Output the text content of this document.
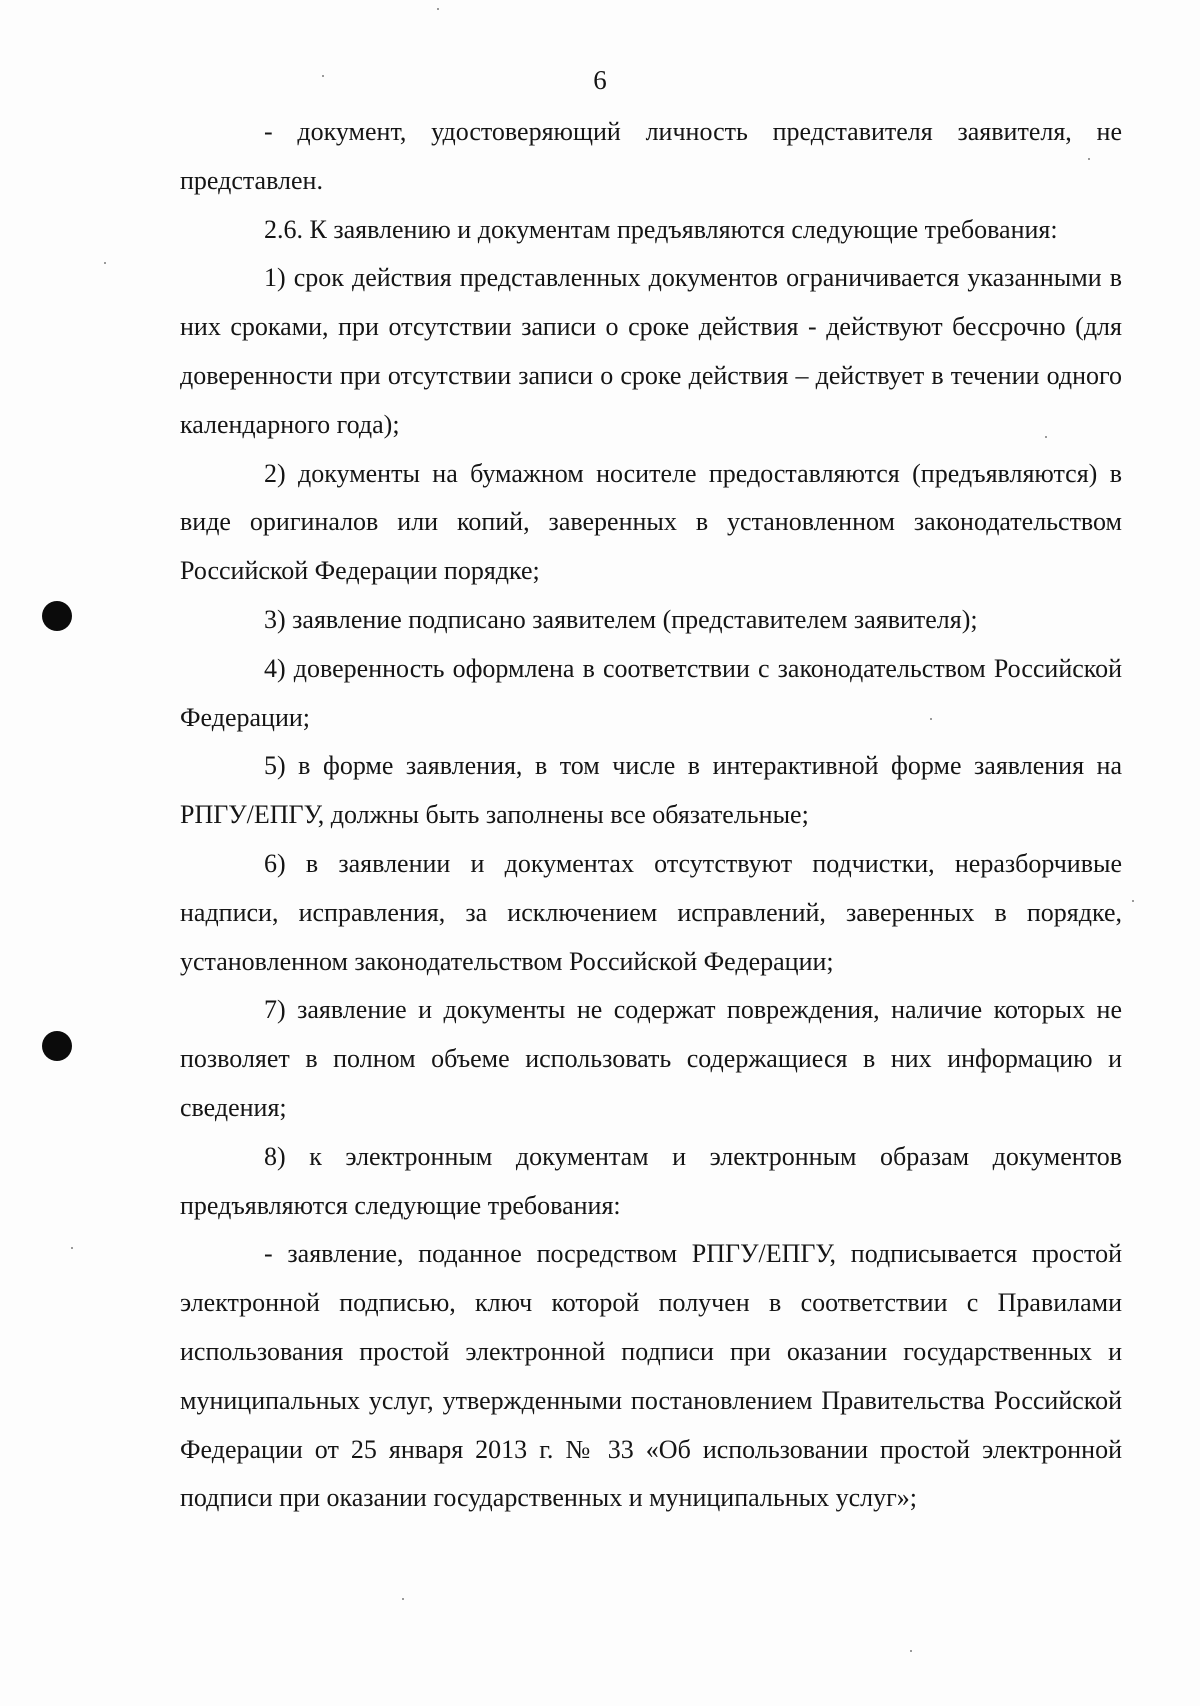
6

- документ, удостоверяющий личность представителя заявителя, не представлен.

2.6. К заявлению и документам предъявляются следующие требования:

1) срок действия представленных документов ограничивается указанными в них сроками, при отсутствии записи о сроке действия - действуют бессрочно (для доверенности при отсутствии записи о сроке действия – действует в течении одного календарного года);

2) документы на бумажном носителе предоставляются (предъявляются) в виде оригиналов или копий, заверенных в установленном законодательством Российской Федерации порядке;

3) заявление подписано заявителем (представителем заявителя);

4) доверенность оформлена в соответствии с законодательством Российской Федерации;

5) в форме заявления, в том числе в интерактивной форме заявления на РПГУ/ЕПГУ, должны быть заполнены все обязательные;

6) в заявлении и документах отсутствуют подчистки, неразборчивые надписи, исправления, за исключением исправлений, заверенных в порядке, установленном законодательством Российской Федерации;

7) заявление и документы не содержат повреждения, наличие которых не позволяет в полном объеме использовать содержащиеся в них информацию и сведения;

8) к электронным документам и электронным образам документов предъявляются следующие требования:

- заявление, поданное посредством РПГУ/ЕПГУ, подписывается простой электронной подписью, ключ которой получен в соответствии с Правилами использования простой электронной подписи при оказании государственных и муниципальных услуг, утвержденными постановлением Правительства Российской Федерации от 25 января 2013 г. № 33 «Об использовании простой электронной подписи при оказании государственных и муниципальных услуг»;
